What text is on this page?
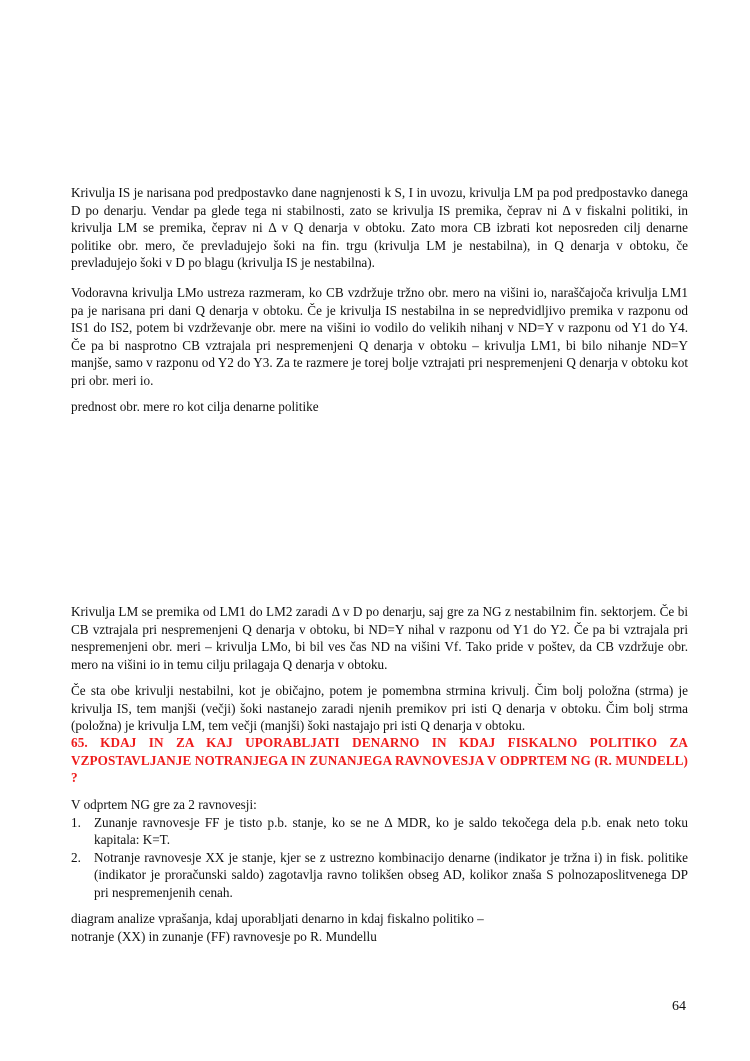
Krivulja IS je narisana pod predpostavko dane nagnjenosti k S, I in uvozu, krivulja LM pa pod predpostavko danega D po denarju. Vendar pa glede tega ni stabilnosti, zato se krivulja IS premika, čeprav ni Δ v fiskalni politiki, in krivulja LM se premika, čeprav ni Δ v Q denarja v obtoku. Zato mora CB izbrati kot neposreden cilj denarne politike obr. mero, če prevladujejo šoki na fin. trgu (krivulja LM je nestabilna), in Q denarja v obtoku, če prevladujejo šoki v D po blagu (krivulja IS je nestabilna).

Vodoravna krivulja LMo ustreza razmeram, ko CB vzdržuje tržno obr. mero na višini io, naraščajoča krivulja LM1 pa je narisana pri dani Q denarja v obtoku. Če je krivulja IS nestabilna in se nepredvidljivo premika v razponu od IS1 do IS2, potem bi vzdrževanje obr. mere na višini io vodilo do velikih nihanj v ND=Y v razponu od Y1 do Y4. Če pa bi nasprotno CB vztrajala pri nespremenjeni Q denarja v obtoku – krivulja LM1, bi bilo nihanje ND=Y manjše, samo v razponu od Y2 do Y3. Za te razmere je torej bolje vztrajati pri nespremenjeni Q denarja v obtoku kot pri obr. meri io.

prednost obr. mere ro kot cilja denarne politike

Krivulja LM se premika od LM1 do LM2 zaradi Δ v D po denarju, saj gre za NG z nestabilnim fin. sektorjem. Če bi CB vztrajala pri nespremenjeni Q denarja v obtoku, bi ND=Y nihal v razponu od Y1 do Y2. Če pa bi vztrajala pri nespremenjeni obr. meri – krivulja LMo, bi bil ves čas ND na višini Vf. Tako pride v poštev, da CB vzdržuje obr. mero na višini io in temu cilju prilagaja Q denarja v obtoku.

Če sta obe krivulji nestabilni, kot je običajno, potem je pomembna strmina krivulj. Čim bolj položna (strma) je krivulja IS, tem manjši (večji) šoki nastanejo zaradi njenih premikov pri isti Q denarja v obtoku. Čim bolj strma (položna) je krivulja LM, tem večji (manjši) šoki nastajajo pri isti Q denarja v obtoku.

65. KDAJ IN ZA KAJ UPORABLJATI DENARNO IN KDAJ FISKALNO POLITIKO ZA VZPOSTAVLJANJE NOTRANJEGA IN ZUNANJEGA RAVNOVESJA V ODPRTEM NG (R. MUNDELL) ?

V odprtem NG gre za 2 ravnovesji:

1. Zunanje ravnovesje FF je tisto p.b. stanje, ko se ne Δ MDR, ko je saldo tekočega dela p.b. enak neto toku kapitala: K=T.
2. Notranje ravnovesje XX je stanje, kjer se z ustrezno kombinacijo denarne (indikator je tržna i) in fisk. politike (indikator je proračunski saldo) zagotavlja ravno tolikšen obseg AD, kolikor znaša S polnozaposlitvenega DP pri nespremenjenih cenah.

diagram analize vprašanja, kdaj uporabljati denarno in kdaj fiskalno politiko –

notranje (XX) in zunanje (FF) ravnovesje po R. Mundellu

64
